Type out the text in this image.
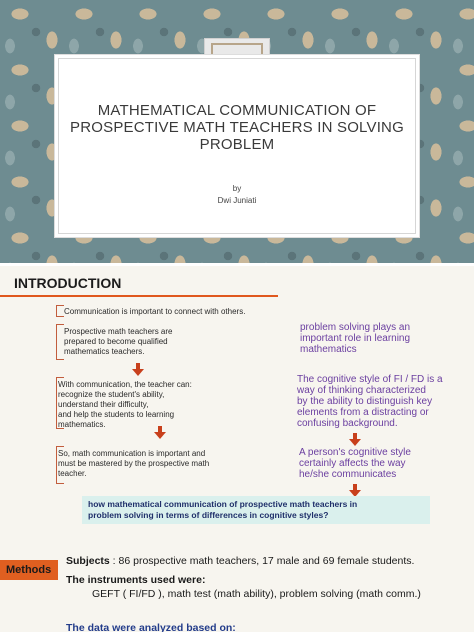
MATHEMATICAL COMMUNICATION OF
PROSPECTIVE MATH TEACHERS IN SOLVING
PROBLEM
by
Dwi Juniati
INTRODUCTION
Communication is important to connect with others.
Prospective math teachers are
prepared to become qualified
mathematics teachers.
With communication, the teacher can:
recognize the student's ability,
understand their difficulty,
and help the students to learning
mathematics.
So, math communication is important and
must be mastered by the prospective math
teacher.
problem solving plays an
important role in learning
mathematics
The cognitive style of FI / FD is a
way of thinking characterized
by the ability to distinguish key
elements from a distracting or
confusing background.
A person's cognitive style
certainly affects the way
he/she communicates
how mathematical communication of prospective math teachers in
problem solving in terms of differences in cognitive styles?
Methods
Subjects : 86 prospective math teachers, 17 male and 69 female students.
The instruments used were:
GEFT ( FI/FD ), math test (math ability), problem solving (math comm.)
The data were analyzed based on:
